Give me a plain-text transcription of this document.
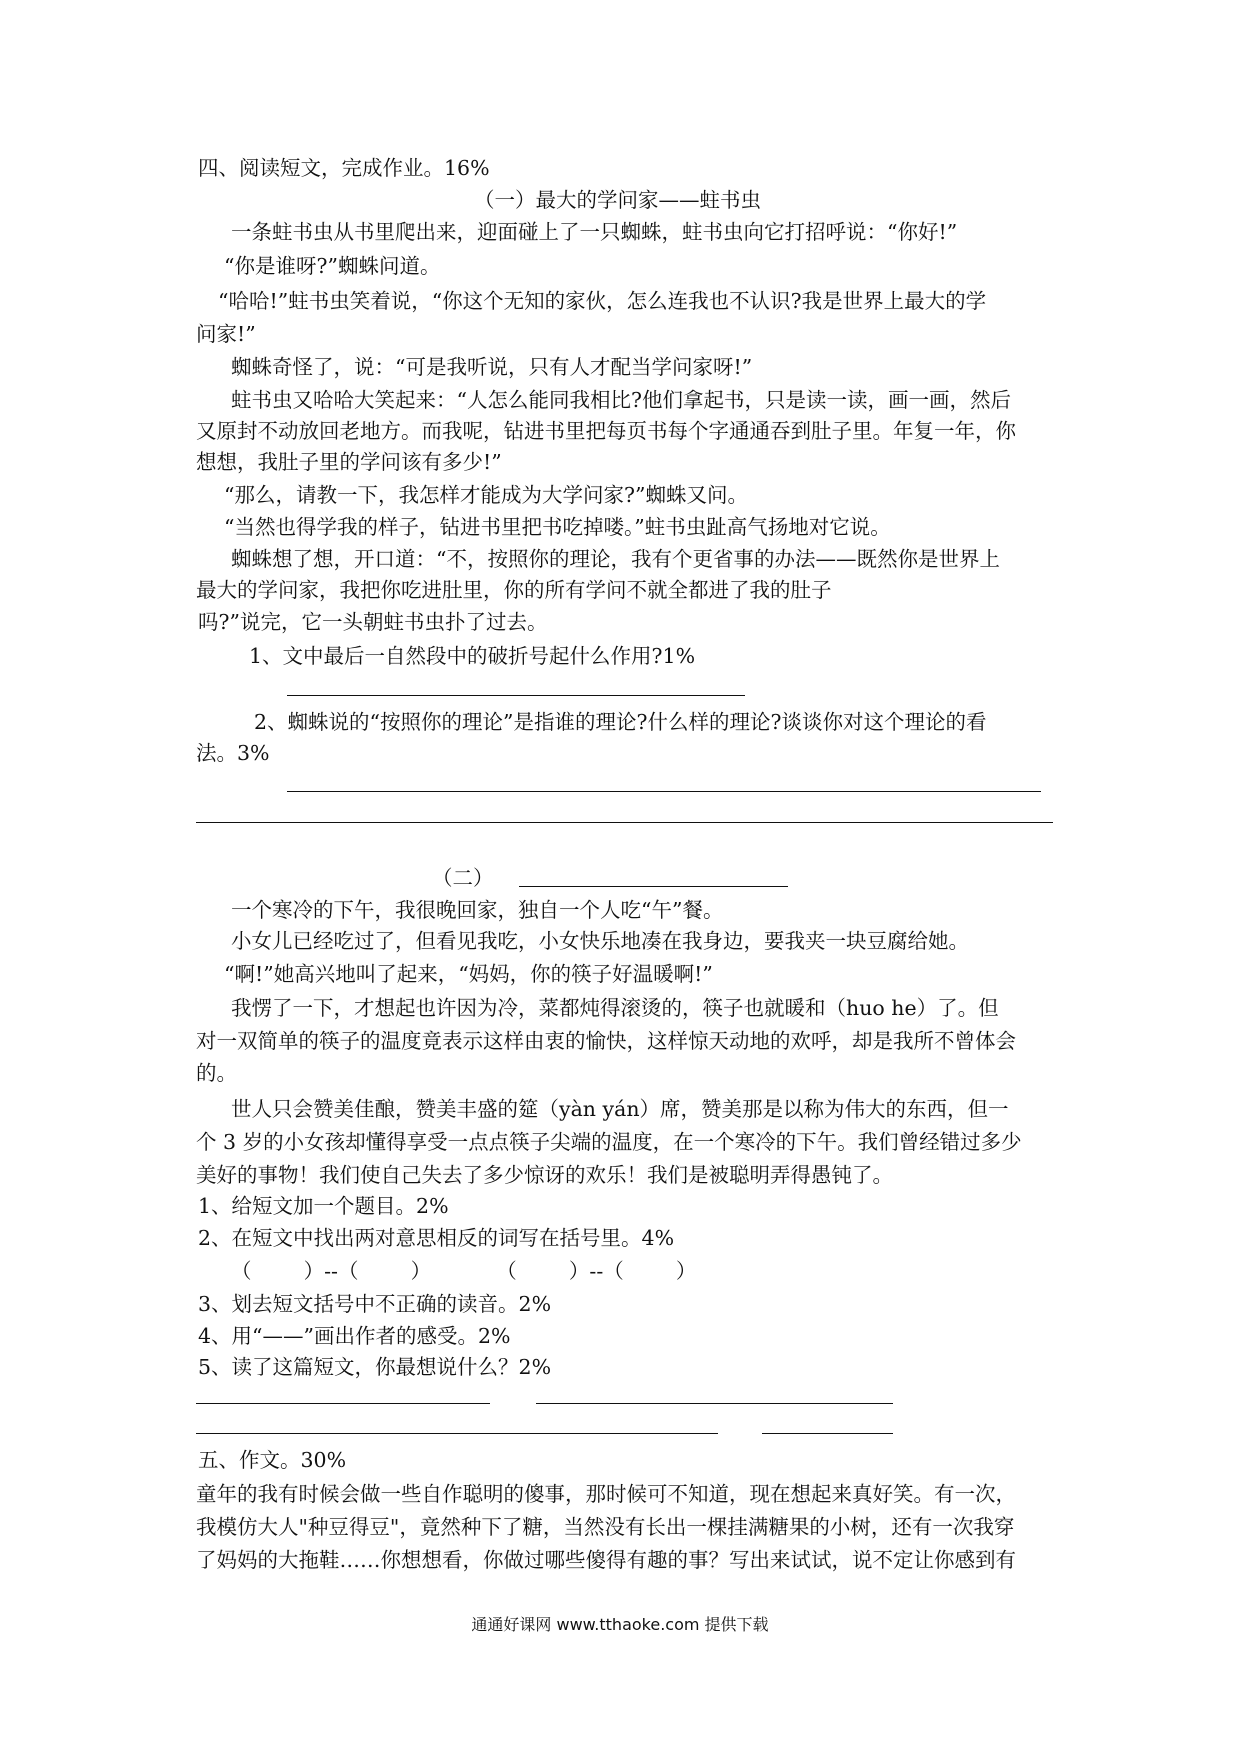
四、阅读短文，完成作业。16%
（一）最大的学问家——蛀书虫
一条蛀书虫从书里爬出来，迎面碰上了一只蜘蛛，蛀书虫向它打招呼说：“你好!”
“你是谁呀?”蜘蛛问道。
“哈哈!”蛀书虫笑着说，“你这个无知的家伙，怎么连我也不认识?我是世界上最大的学
问家!”
蜘蛛奇怪了，说：“可是我听说，只有人才配当学问家呀!”
蛀书虫又哈哈大笑起来：“人怎么能同我相比?他们拿起书，只是读一读，画一画，然后
又原封不动放回老地方。而我呢，钻进书里把每页书每个字通通吞到肚子里。年复一年，你
想想，我肚子里的学问该有多少!”
“那么，请教一下，我怎样才能成为大学问家?”蜘蛛又问。
“当然也得学我的样子，钻进书里把书吃掉喽。”蛀书虫趾高气扬地对它说。
蜘蛛想了想，开口道：“不，按照你的理论，我有个更省事的办法——既然你是世界上
最大的学问家，我把你吃进肚里，你的所有学问不就全都进了我的肚子
吗?”说完，它一头朝蛀书虫扑了过去。
1、文中最后一自然段中的破折号起什么作用?1%
2、蜘蛛说的“按照你的理论”是指谁的理论?什么样的理论?谈谈你对这个理论的看
法。3%
（二）
一个寒冷的下午，我很晚回家，独自一个人吃“午”餐。
小女儿已经吃过了，但看见我吃，小女快乐地凑在我身边，要我夹一块豆腐给她。
“啊!”她高兴地叫了起来，“妈妈，你的筷子好温暖啊!”
我愣了一下，才想起也许因为冷，菜都炖得滚烫的，筷子也就暖和（huo he）了。但
对一双简单的筷子的温度竟表示这样由衷的愉快，这样惊天动地的欢呼，却是我所不曾体会
的。
世人只会赞美佳酿，赞美丰盛的筵（yàn yán）席，赞美那是以称为伟大的东西，但一
个 3 岁的小女孩却懂得享受一点点筷子尖端的温度，在一个寒冷的下午。我们曾经错过多少
美好的事物！我们使自己失去了多少惊讶的欢乐！我们是被聪明弄得愚钝了。
1、给短文加一个题目。2%
2、在短文中找出两对意思相反的词写在括号里。4%
（        ）--（        ）          （        ）--（        ）
3、划去短文括号中不正确的读音。2%
4、用“——”画出作者的感受。2%
5、读了这篇短文，你最想说什么？2%
五、作文。30%
童年的我有时候会做一些自作聪明的傻事，那时候可不知道，现在想起来真好笑。有一次，
我模仿大人"种豆得豆"，竟然种下了糖，当然没有长出一棵挂满糖果的小树，还有一次我穿
了妈妈的大拖鞋……你想想看，你做过哪些傻得有趣的事？写出来试试，说不定让你感到有
通通好课网 www.tthaoke.com 提供下载
